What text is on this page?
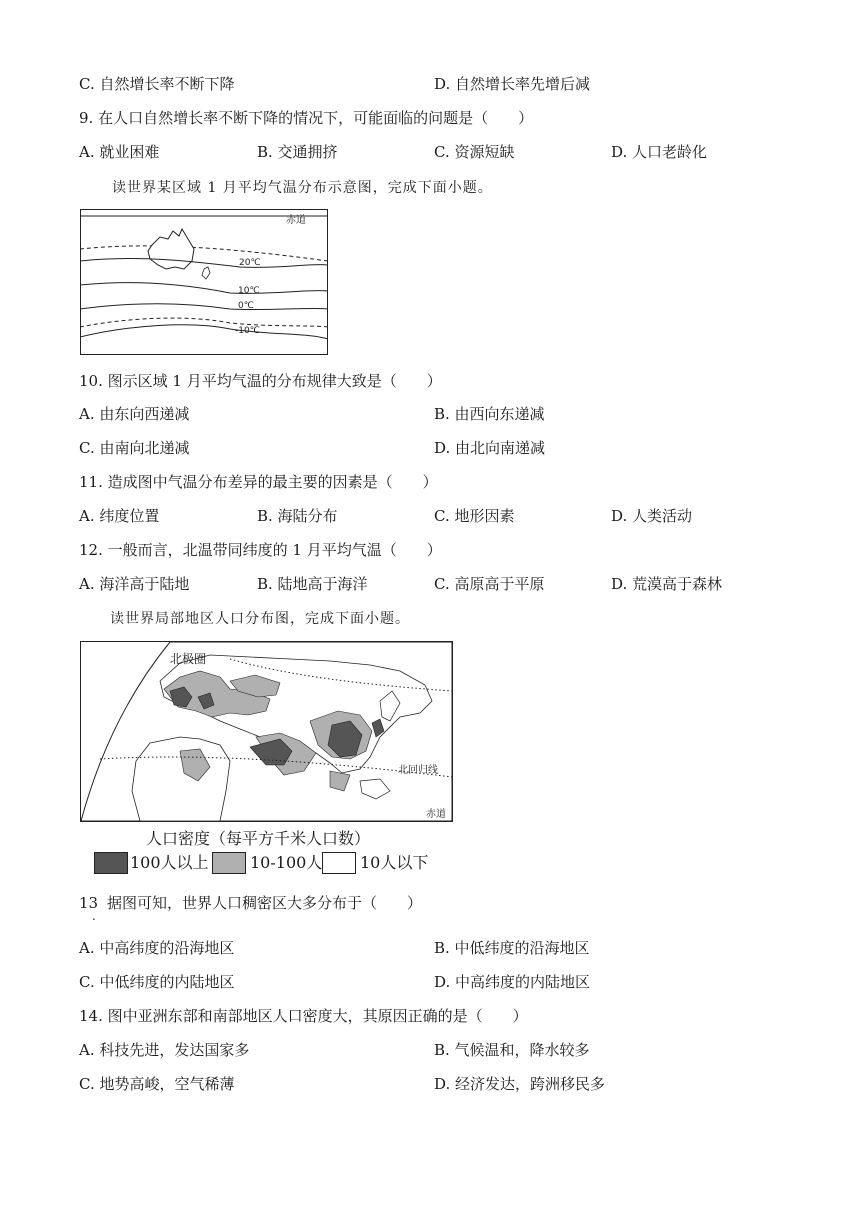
C. 自然增长率不断下降	D. 自然增长率先增后减
9. 在人口自然增长率不断下降的情况下，可能面临的问题是（　　）
A. 就业困难	B. 交通拥挤	C. 资源短缺	D. 人口老龄化
读世界某区域 1 月平均气温分布示意图，完成下面小题。
赤道
20℃
10℃
0℃
-10℃
10. 图示区域 1 月平均气温的分布规律大致是（　　）
A. 由东向西递减	B. 由西向东递减
C. 由南向北递减	D. 由北向南递减
11. 造成图中气温分布差异的最主要的因素是（　　）
A. 纬度位置	B. 海陆分布	C. 地形因素	D. 人类活动
12. 一般而言，北温带同纬度的 1 月平均气温（　　）
A. 海洋高于陆地	B. 陆地高于海洋	C. 高原高于平原	D. 荒漠高于森林
读世界局部地区人口分布图，完成下面小题。
北极圈
北回归线
赤道
人口密度（每平方千米人口数）
100人以上	10-100人 10人以下
13 据图可知，世界人口稠密区大多分布于（　　）
.
A. 中高纬度的沿海地区	B. 中低纬度的沿海地区
C. 中低纬度的内陆地区	D. 中高纬度的内陆地区
14. 图中亚洲东部和南部地区人口密度大，其原因正确的是（　　）
A. 科技先进，发达国家多	B. 气候温和，降水较多
C. 地势高峻，空气稀薄	D. 经济发达，跨洲移民多
